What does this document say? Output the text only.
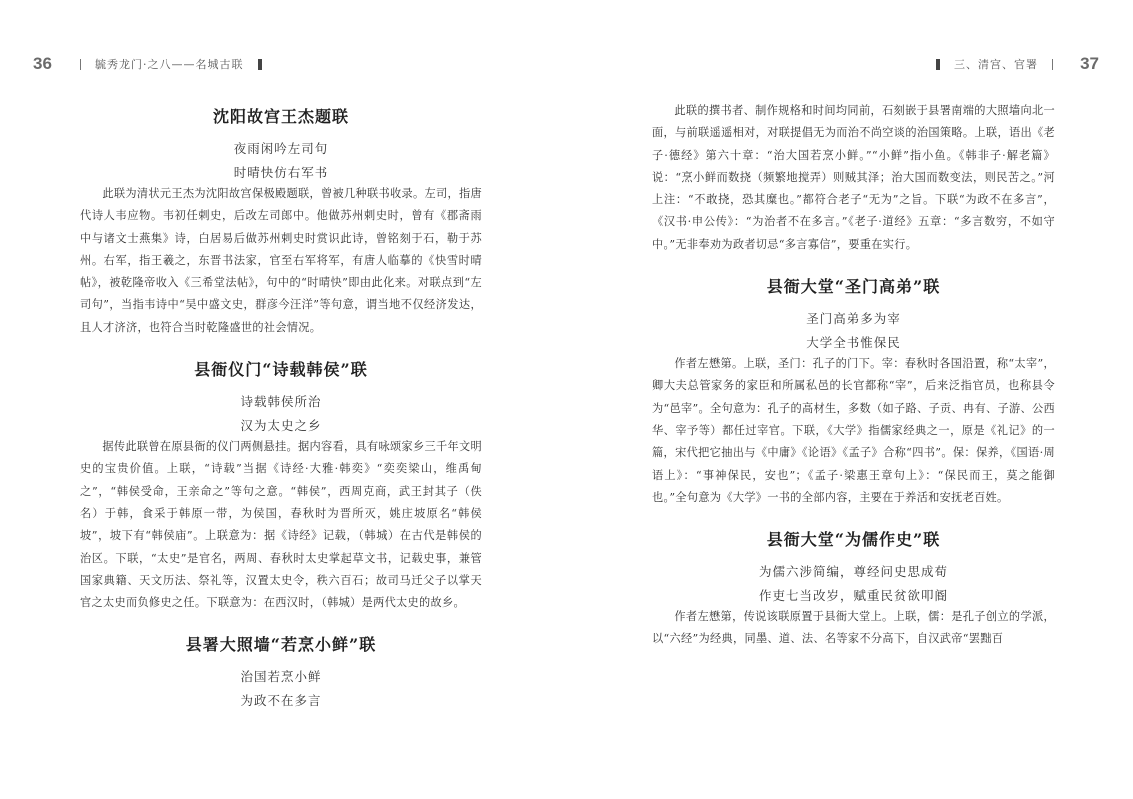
36	毓秀龙门·之八——名城古联
沈阳故宫王杰题联

夜雨闲吟左司句

时晴快仿右军书

此联为清状元王杰为沈阳故宫保极殿题联，曾被几种联书收录。左司，指唐代诗人韦应物。韦初任剌史，后改左司郎中。他做苏州剌史时，曾有《郡斋雨中与诸文士燕集》诗，白居易后做苏州剌史时赏识此诗，曾铭刻于石，勒于苏州。右军，指王羲之，东晋书法家，官至右军将军，有唐人临摹的《快雪时晴帖》，被乾隆帝收入《三希堂法帖》，句中的“时晴快”即由此化来。对联点到“左司句”，当指韦诗中“吴中盛文史，群彦今汪洋”等句意，谓当地不仅经济发达，且人才济济，也符合当时乾隆盛世的社会情况。

县衙仪门“诗载韩侯”联

诗载韩侯所治

汉为太史之乡

据传此联曾在原县衙的仪门两侧悬挂。据内容看，具有咏颂家乡三千年文明史的宝贵价值。上联，“诗载”当据《诗经·大雅·韩奕》“奕奕梁山，维禹甸之”，“韩侯受命，王亲命之”等句之意。“韩侯”，西周克商，武王封其子（佚名）于韩，食采于韩原一带，为侯国，春秋时为晋所灭，姚庄坡原名“韩侯坡”，坡下有“韩侯庙”。上联意为：据《诗经》记载，（韩城）在古代是韩侯的治区。下联，“太史”是官名，两周、春秋时太史掌起草文书，记载史事，兼管国家典籍、天文历法、祭礼等，汉置太史令，秩六百石；故司马迁父子以掌天官之太史而负修史之任。下联意为：在西汉时，（韩城）是两代太史的故乡。

县署大照墙“若烹小鲜”联

治国若烹小鲜

为政不在多言

三、清宫、官署 37

此联的撰书者、制作规格和时间均同前，石刻嵌于县署南端的大照墙向北一面，与前联遥遥相对，对联提倡无为而治不尚空谈的治国策略。上联，语出《老子·德经》第六十章：“治大国若烹小鲜。”“小鲜”指小鱼。《韩非子·解老篇》说：“烹小鲜而数挠（频繁地搅弄）则贼其泽；治大国而数变法，则民苦之。”河上注：“不敢挠，恐其糜也。”都符合老子“无为”之旨。下联“为政不在多言”，《汉书·申公传》：“为治者不在多言。”《老子·道经》五章：“多言数穷，不如守中。”无非奉劝为政者切忌“多言寡信”，要重在实行。

县衙大堂“圣门高弟”联

圣门高弟多为宰

大学全书惟保民

作者左懋第。上联，圣门：孔子的门下。宰：春秋时各国沿置，称“太宰”，卿大夫总管家务的家臣和所属私邑的长官都称“宰”，后来泛指官员，也称县令为“邑宰”。全句意为：孔子的高材生，多数（如子路、子贡、冉有、子游、公西华、宰予等）都任过宰官。下联，《大学》指儒家经典之一，原是《礼记》的一篇，宋代把它抽出与《中庸》《论语》《孟子》合称“四书”。保：保养，《国语·周语上》：“事神保民，安也”；《孟子·梁惠王章句上》：“保民而王，莫之能御也。”全句意为《大学》一书的全部内容，主要在于养活和安抚老百姓。

县衙大堂“为儒作史”联

为儒六涉简编，尊经问史思成荀

作吏七当改岁，赋重民贫欲叩阍

作者左懋第，传说该联原置于县衙大堂上。上联，儒：是孔子创立的学派，以“六经”为经典，同墨、道、法、名等家不分高下，自汉武帝“罢黜百
